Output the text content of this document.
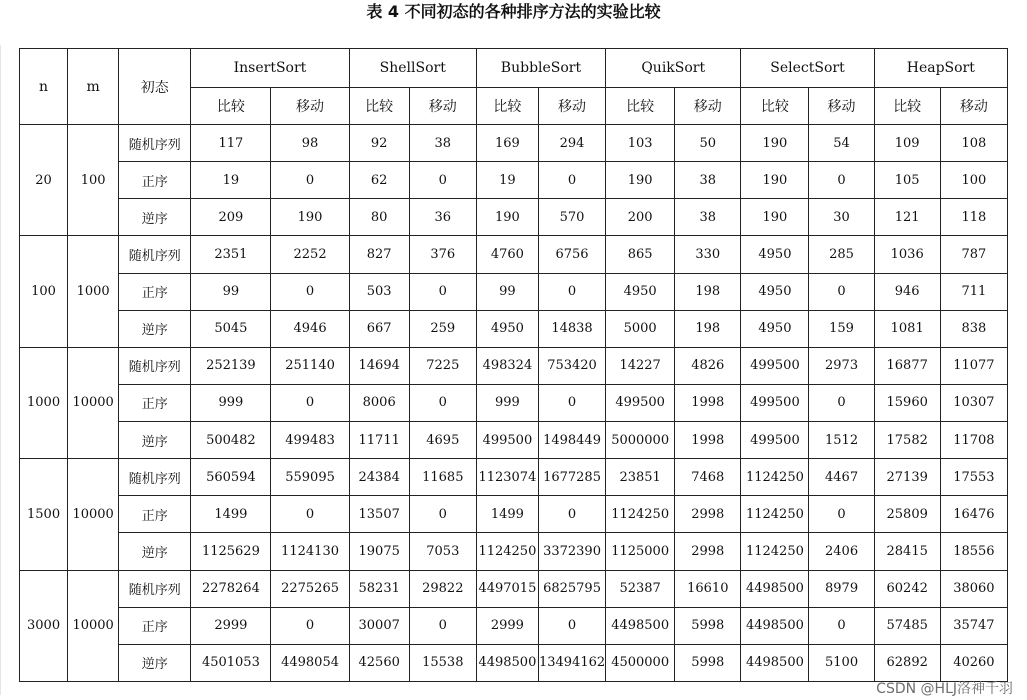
表 4 不同初态的各种排序方法的实验比较
n	m	初态	InsertSort		ShellSort		BubbleSort		QuikSort		SelectSort		HeapSort	
			比较	移动	比较	移动	比较	移动	比较	移动	比较	移动	比较	移动
20	100	随机序列	117	98	92	38	169	294	103	50	190	54	109	108
		正序	19	0	62	0	19	0	190	38	190	0	105	100
		逆序	209	190	80	36	190	570	200	38	190	30	121	118
100	1000	随机序列	2351	2252	827	376	4760	6756	865	330	4950	285	1036	787
		正序	99	0	503	0	99	0	4950	198	4950	0	946	711
		逆序	5045	4946	667	259	4950	14838	5000	198	4950	159	1081	838
1000	10000	随机序列	252139	251140	14694	7225	498324	753420	14227	4826	499500	2973	16877	11077
		正序	999	0	8006	0	999	0	499500	1998	499500	0	15960	10307
		逆序	500482	499483	11711	4695	499500	1498449	5000000	1998	499500	1512	17582	11708
1500	10000	随机序列	560594	559095	24384	11685	1123074	1677285	23851	7468	1124250	4467	27139	17553
		正序	1499	0	13507	0	1499	0	1124250	2998	1124250	0	25809	16476
		逆序	1125629	1124130	19075	7053	1124250	3372390	1125000	2998	1124250	2406	28415	18556
3000	10000	随机序列	2278264	2275265	58231	29822	4497015	6825795	52387	16610	4498500	8979	60242	38060
		正序	2999	0	30007	0	2999	0	4498500	5998	4498500	0	57485	35747
		逆序	4501053	4498054	42560	15538	4498500	13494162	4500000	5998	4498500	5100	62892	40260
CSDN @HLJ洛神千羽
